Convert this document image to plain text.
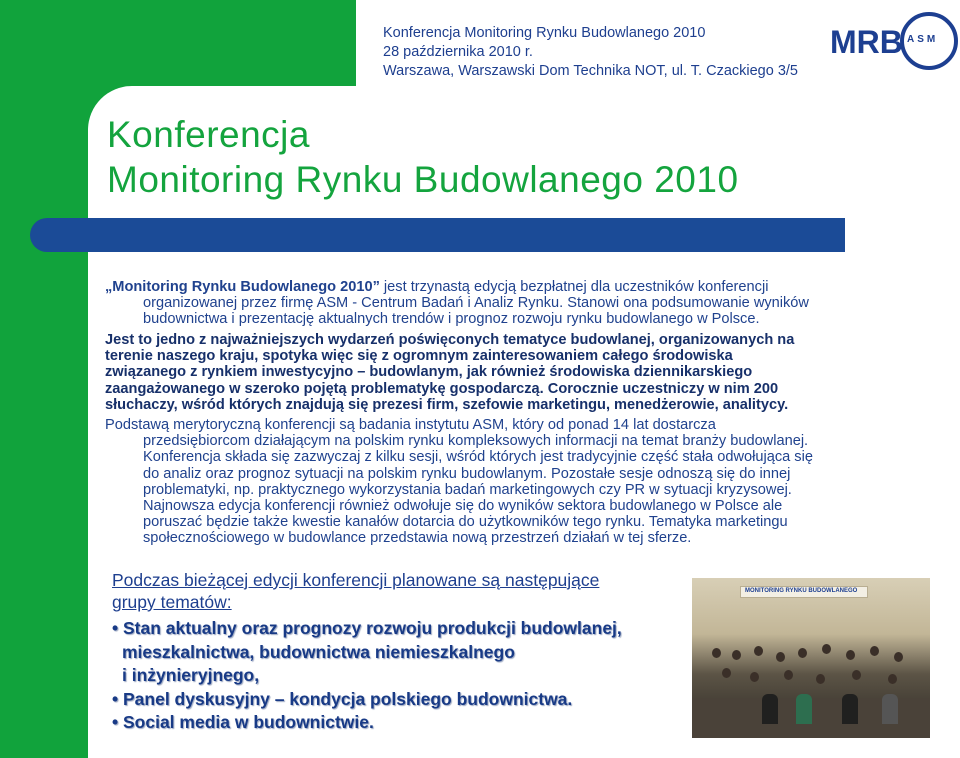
Konferencja Monitoring Rynku Budowlanego 2010
28 października 2010 r.
Warszawa, Warszawski Dom Technika NOT, ul. T. Czackiego 3/5
MRB ASM
Konferencja
Monitoring Rynku Budowlanego 2010
„Monitoring Rynku Budowlanego 2010” jest trzynastą edycją bezpłatnej dla uczestników konferencji
organizowanej przez firmę ASM - Centrum Badań i Analiz Rynku. Stanowi ona podsumowanie wyników
budownictwa i prezentację aktualnych trendów i prognoz rozwoju rynku budowlanego w Polsce.
Jest to jedno z najważniejszych wydarzeń poświęconych tematyce budowlanej, organizowanych na
terenie naszego kraju, spotyka więc się z ogromnym zainteresowaniem całego środowiska
związanego z rynkiem inwestycyjno – budowlanym, jak również środowiska dziennikarskiego
zaangażowanego w szeroko pojętą problematykę gospodarczą. Corocznie uczestniczy w nim 200
słuchaczy, wśród których znajdują się prezesi firm, szefowie marketingu, menedżerowie, analitycy.
Podstawą merytoryczną konferencji są badania instytutu ASM, który od ponad 14 lat dostarcza
przedsiębiorcom działającym na polskim rynku kompleksowych informacji na temat branży budowlanej.
Konferencja składa się zazwyczaj z kilku sesji, wśród których jest tradycyjnie część stała odwołująca się
do analiz oraz prognoz sytuacji na polskim rynku budowlanym. Pozostałe sesje odnoszą się do innej
problematyki, np. praktycznego wykorzystania badań marketingowych czy PR w sytuacji kryzysowej.
Najnowsza edycja konferencji również odwołuje się do wyników sektora budowlanego w Polsce ale
poruszać będzie także kwestie kanałów dotarcia do użytkowników tego rynku. Tematyka marketingu
społecznościowego w budowlance przedstawia nową przestrzeń działań w tej sferze.
Podczas bieżącej edycji konferencji planowane są następujące
grupy tematów:
• Stan aktualny oraz prognozy rozwoju produkcji budowlanej,
mieszkalnictwa, budownictwa niemieszkalnego
i inżynieryjnego,
• Panel dyskusyjny – kondycja polskiego budownictwa.
• Social media w budownictwie.
MONITORING RYNKU BUDOWLANEGO
